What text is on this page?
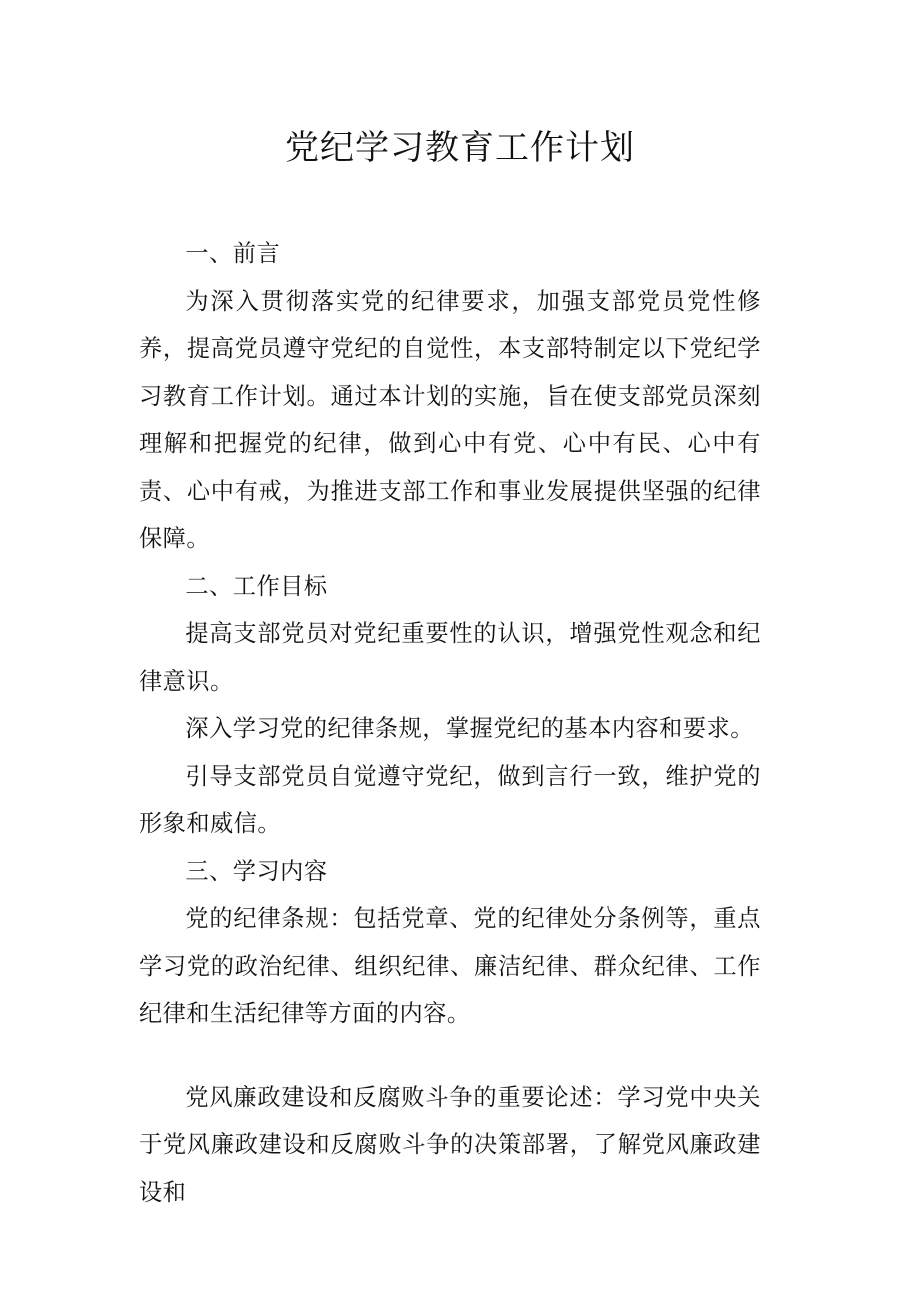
党纪学习教育工作计划

一、前言

为深入贯彻落实党的纪律要求，加强支部党员党性修养，提高党员遵守党纪的自觉性，本支部特制定以下党纪学习教育工作计划。通过本计划的实施，旨在使支部党员深刻理解和把握党的纪律，做到心中有党、心中有民、心中有责、心中有戒，为推进支部工作和事业发展提供坚强的纪律保障。

二、工作目标

提高支部党员对党纪重要性的认识，增强党性观念和纪律意识。

深入学习党的纪律条规，掌握党纪的基本内容和要求。

引导支部党员自觉遵守党纪，做到言行一致，维护党的形象和威信。

三、学习内容

党的纪律条规：包括党章、党的纪律处分条例等，重点学习党的政治纪律、组织纪律、廉洁纪律、群众纪律、工作纪律和生活纪律等方面的内容。

党风廉政建设和反腐败斗争的重要论述：学习党中央关于党风廉政建设和反腐败斗争的决策部署，了解党风廉政建设和
